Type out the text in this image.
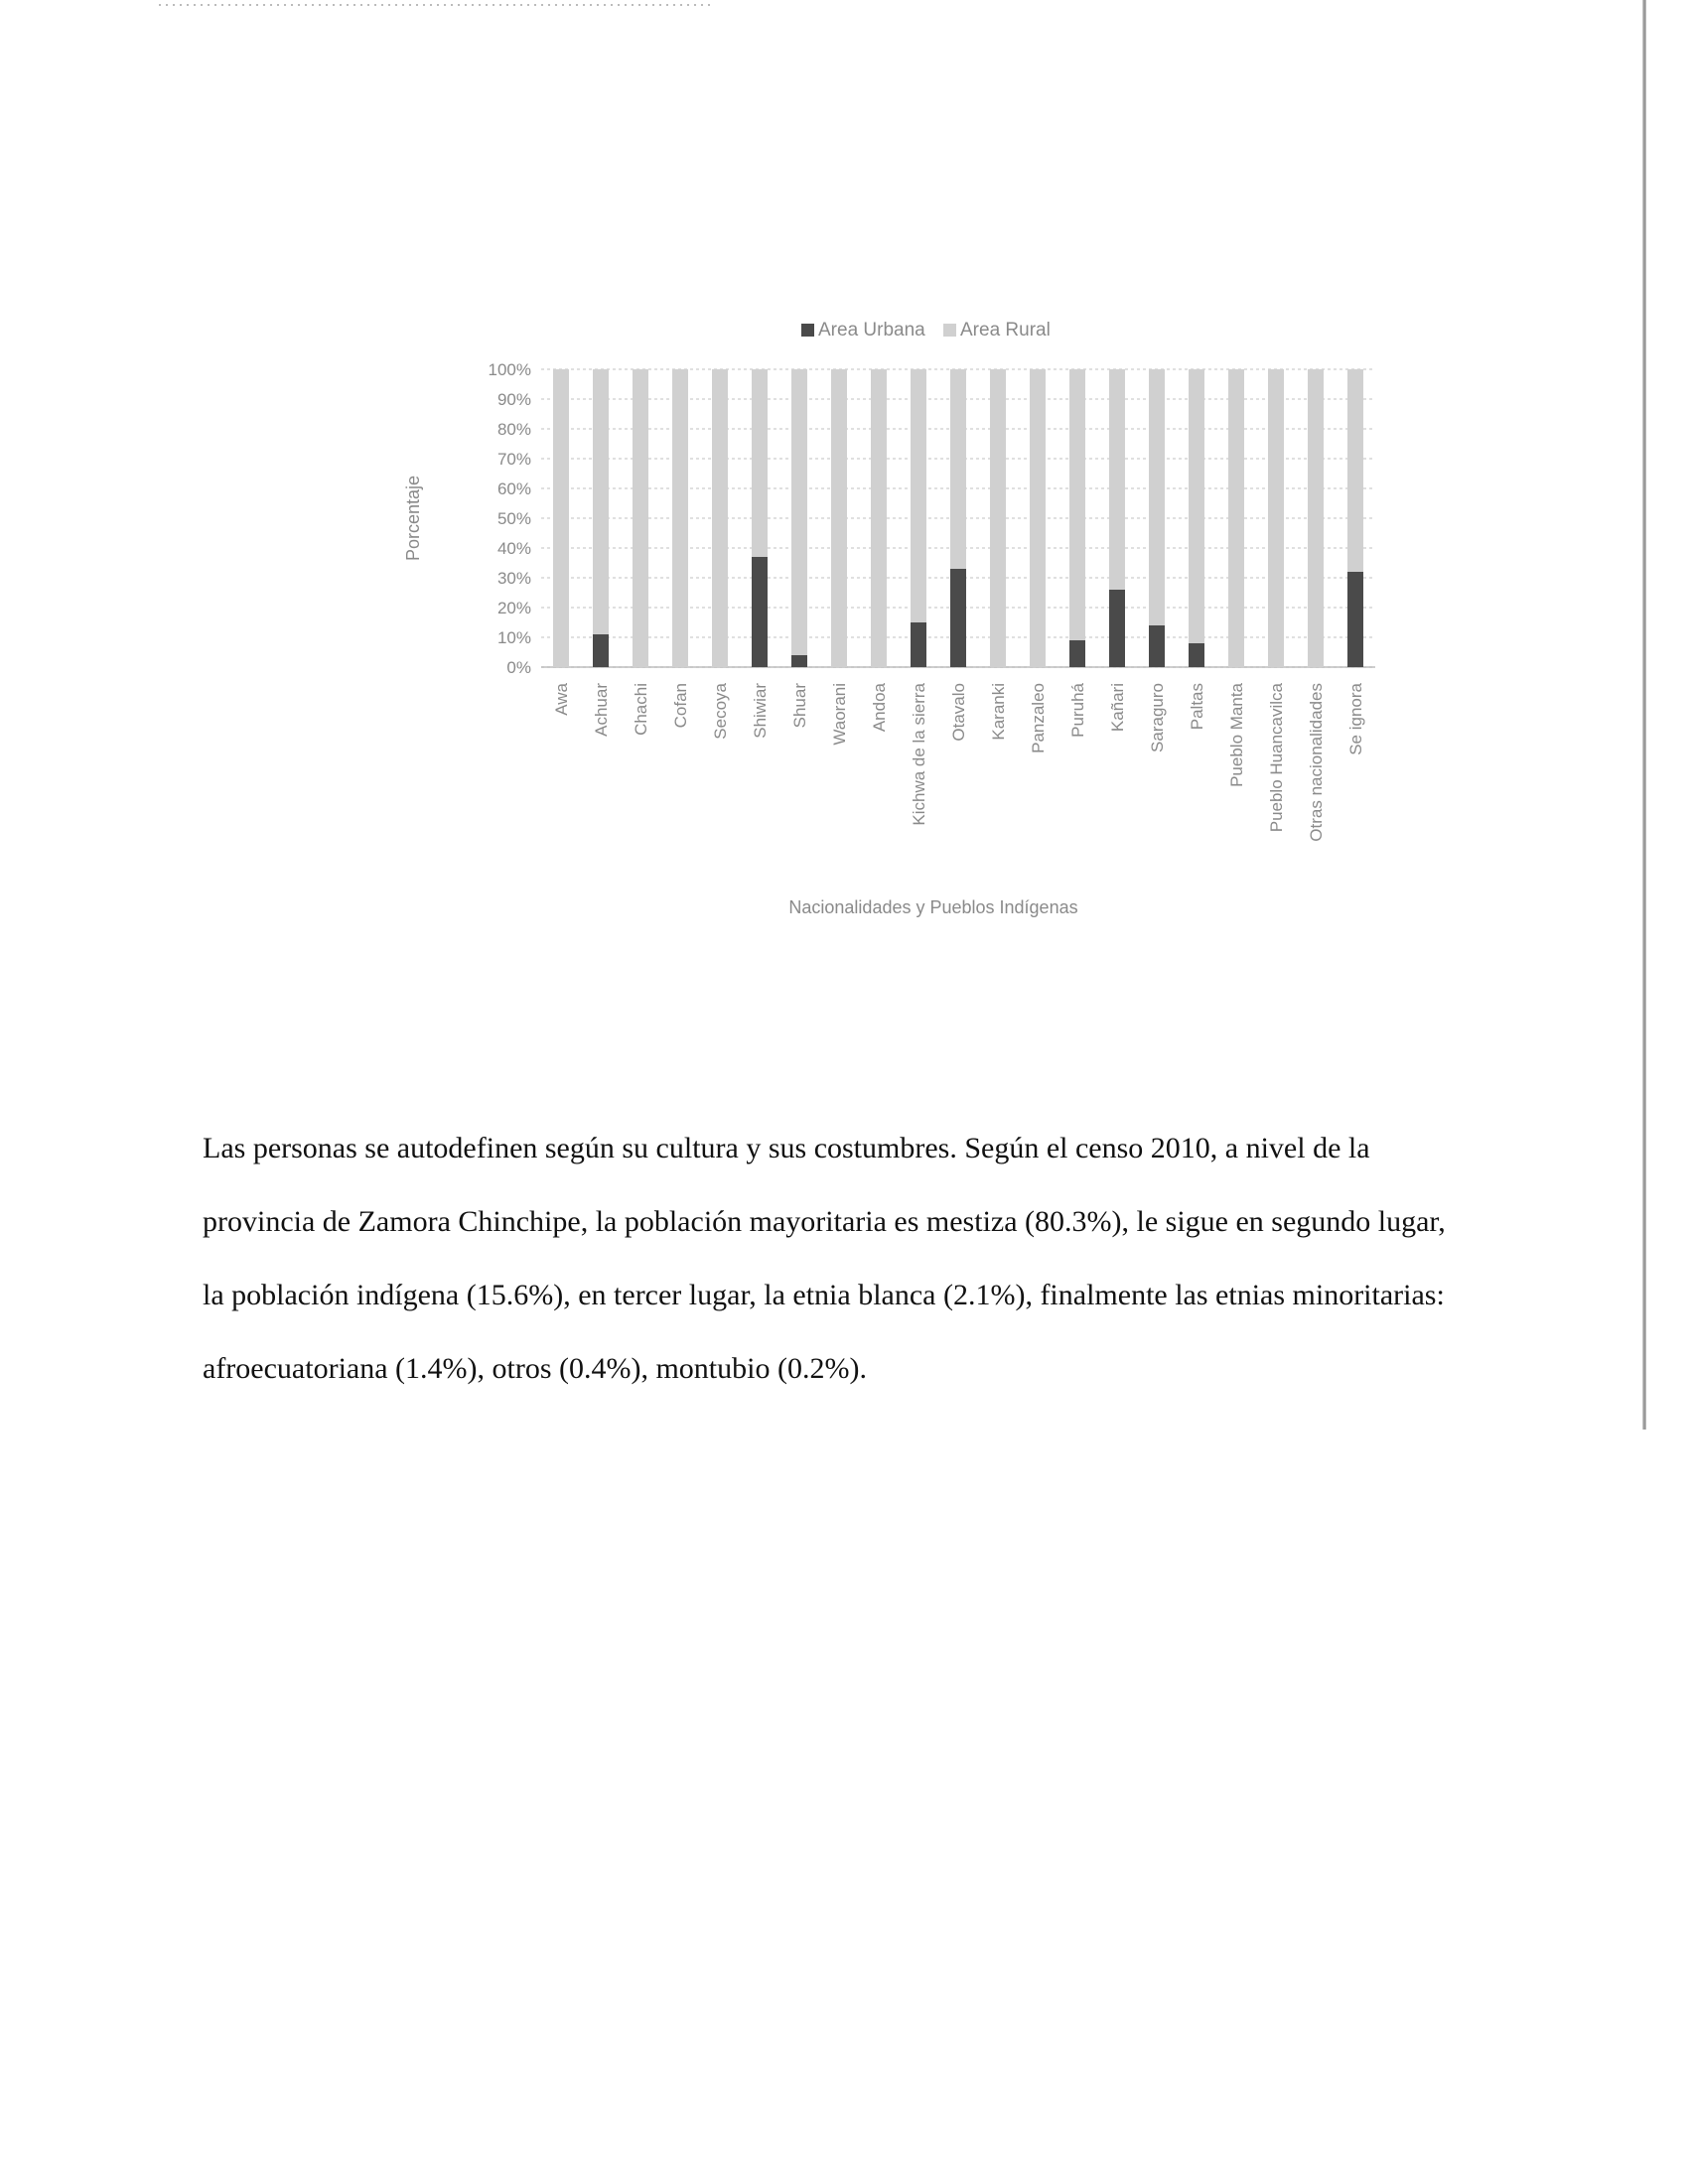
0%
10%
20%
30%
40%
50%
60%
70%
80%
90%
100%
Awa Achuar Chachi Cofan Secoya Shiwiar Shuar Waorani Andoa Kichwa de la sierra Otavalo Karanki Panzaleo Puruhá Kañari Saraguro Paltas Pueblo Manta Pueblo Huancavilca Otras nacionalidades Se ignora
Area Urbana Area Rural
Porcentaje
Nacionalidades y Pueblos Indígenas

Las personas se autodefinen según su cultura y sus costumbres. Según el censo 2010, a nivel de la provincia de Zamora Chinchipe, la población mayoritaria es mestiza (80.3%), le sigue en segundo lugar, la población indígena (15.6%), en tercer lugar, la etnia blanca (2.1%), finalmente las etnias minoritarias: afroecuatoriana (1.4%), otros (0.4%), montubio (0.2%).
